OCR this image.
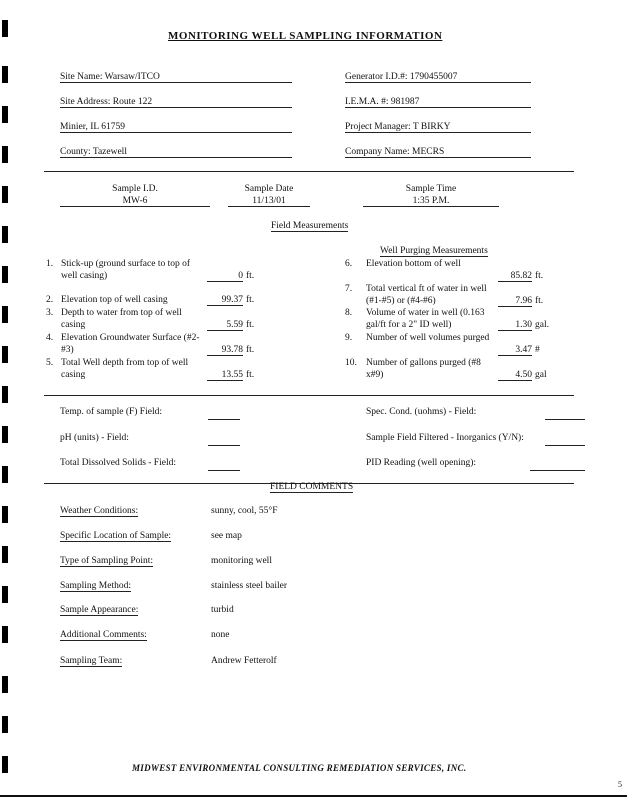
MONITORING WELL SAMPLING INFORMATION
Site Name: Warsaw/ITCO
Site Address: Route 122
Minier, IL 61759
County: Tazewell
Generator I.D.#: 1790455007
I.E.M.A. #: 981987
Project Manager: T BIRKY
Company Name: MECRS
Sample I.D.
MW-6
Sample Date
11/13/01
Sample Time
1:35 P.M.
Field Measurements
Well Purging Measurements
1. Stick-up (ground surface to top of
well casing)	0 ft.
2. Elevation top of well casing	99.37 ft.
3. Depth to water from top of well
casing	5.59 ft.
4. Elevation Groundwater Surface (#2-
#3)	93.78 ft.
5. Total Well depth from top of well
casing	13.55 ft.
6. Elevation bottom of well
85.82 ft.
7. Total vertical ft of water in well
(#1-#5) or (#4-#6)	7.96 ft.
8. Volume of water in well (0.163
gal/ft for a 2" ID well)	1.30 gal.
9. Number of well volumes purged
3.47 #
10. Number of gallons purged (#8
x#9)	4.50 gal
Temp. of sample (F) Field:
pH (units) - Field:
Total Dissolved Solids - Field:
Spec. Cond. (uohms) - Field:
Sample Field Filtered - Inorganics (Y/N):
PID Reading (well opening):
FIELD COMMENTS
Weather Conditions:	sunny, cool, 55°F
Specific Location of Sample:	see map
Type of Sampling Point:	monitoring well
Sampling Method:	stainless steel bailer
Sample Appearance:	turbid
Additional Comments:	none
Sampling Team:	Andrew Fetterolf
MIDWEST ENVIRONMENTAL CONSULTING REMEDIATION SERVICES, INC.
5
